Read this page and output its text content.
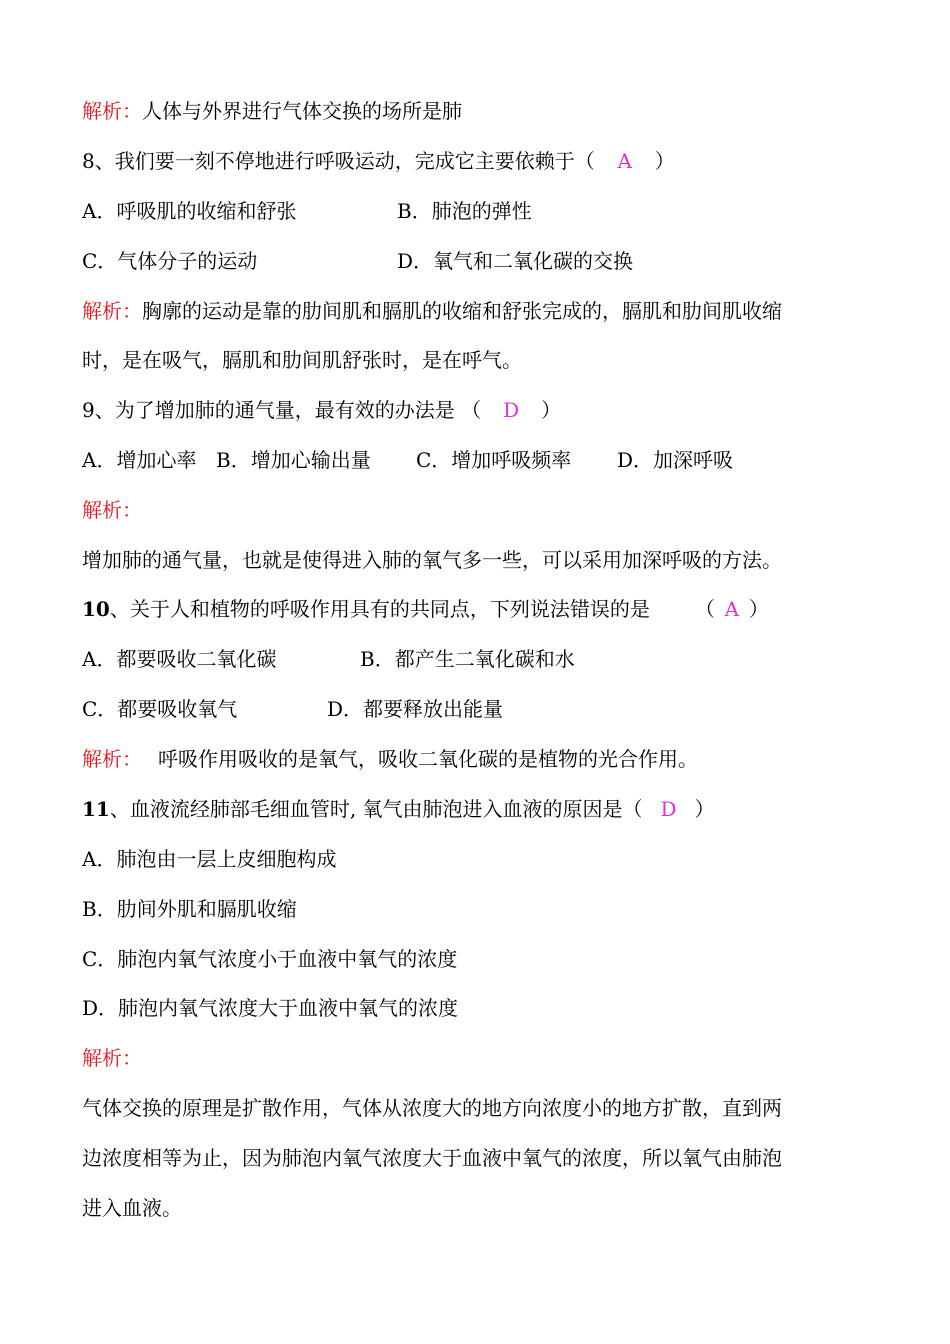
解析：人体与外界进行气体交换的场所是肺
8、我们要一刻不停地进行呼吸运动，完成它主要依赖于（ A ）
A．呼吸肌的收缩和舒张	B．肺泡的弹性
C．气体分子的运动	D．氧气和二氧化碳的交换
解析：胸廓的运动是靠的肋间肌和膈肌的收缩和舒张完成的，膈肌和肋间肌收缩
时，是在吸气，膈肌和肋间肌舒张时，是在呼气。
9、为了增加肺的通气量，最有效的办法是 （ D ）
A．增加心率 B．增加心输出量 C．增加呼吸频率 D．加深呼吸
解析：
增加肺的通气量，也就是使得进入肺的氧气多一些，可以采用加深呼吸的方法。
10、关于人和植物的呼吸作用具有的共同点，下列说法错误的是 （ A ）
A．都要吸收二氧化碳	B．都产生二氧化碳和水
C．都要吸收氧气	D．都要释放出能量
解析： 呼吸作用吸收的是氧气，吸收二氧化碳的是植物的光合作用。
11、血液流经肺部毛细血管时, 氧气由肺泡进入血液的原因是（ D ）
A．肺泡由一层上皮细胞构成
B．肋间外肌和膈肌收缩
C．肺泡内氧气浓度小于血液中氧气的浓度
D．肺泡内氧气浓度大于血液中氧气的浓度
解析：
气体交换的原理是扩散作用，气体从浓度大的地方向浓度小的地方扩散，直到两
边浓度相等为止，因为肺泡内氧气浓度大于血液中氧气的浓度，所以氧气由肺泡
进入血液。
